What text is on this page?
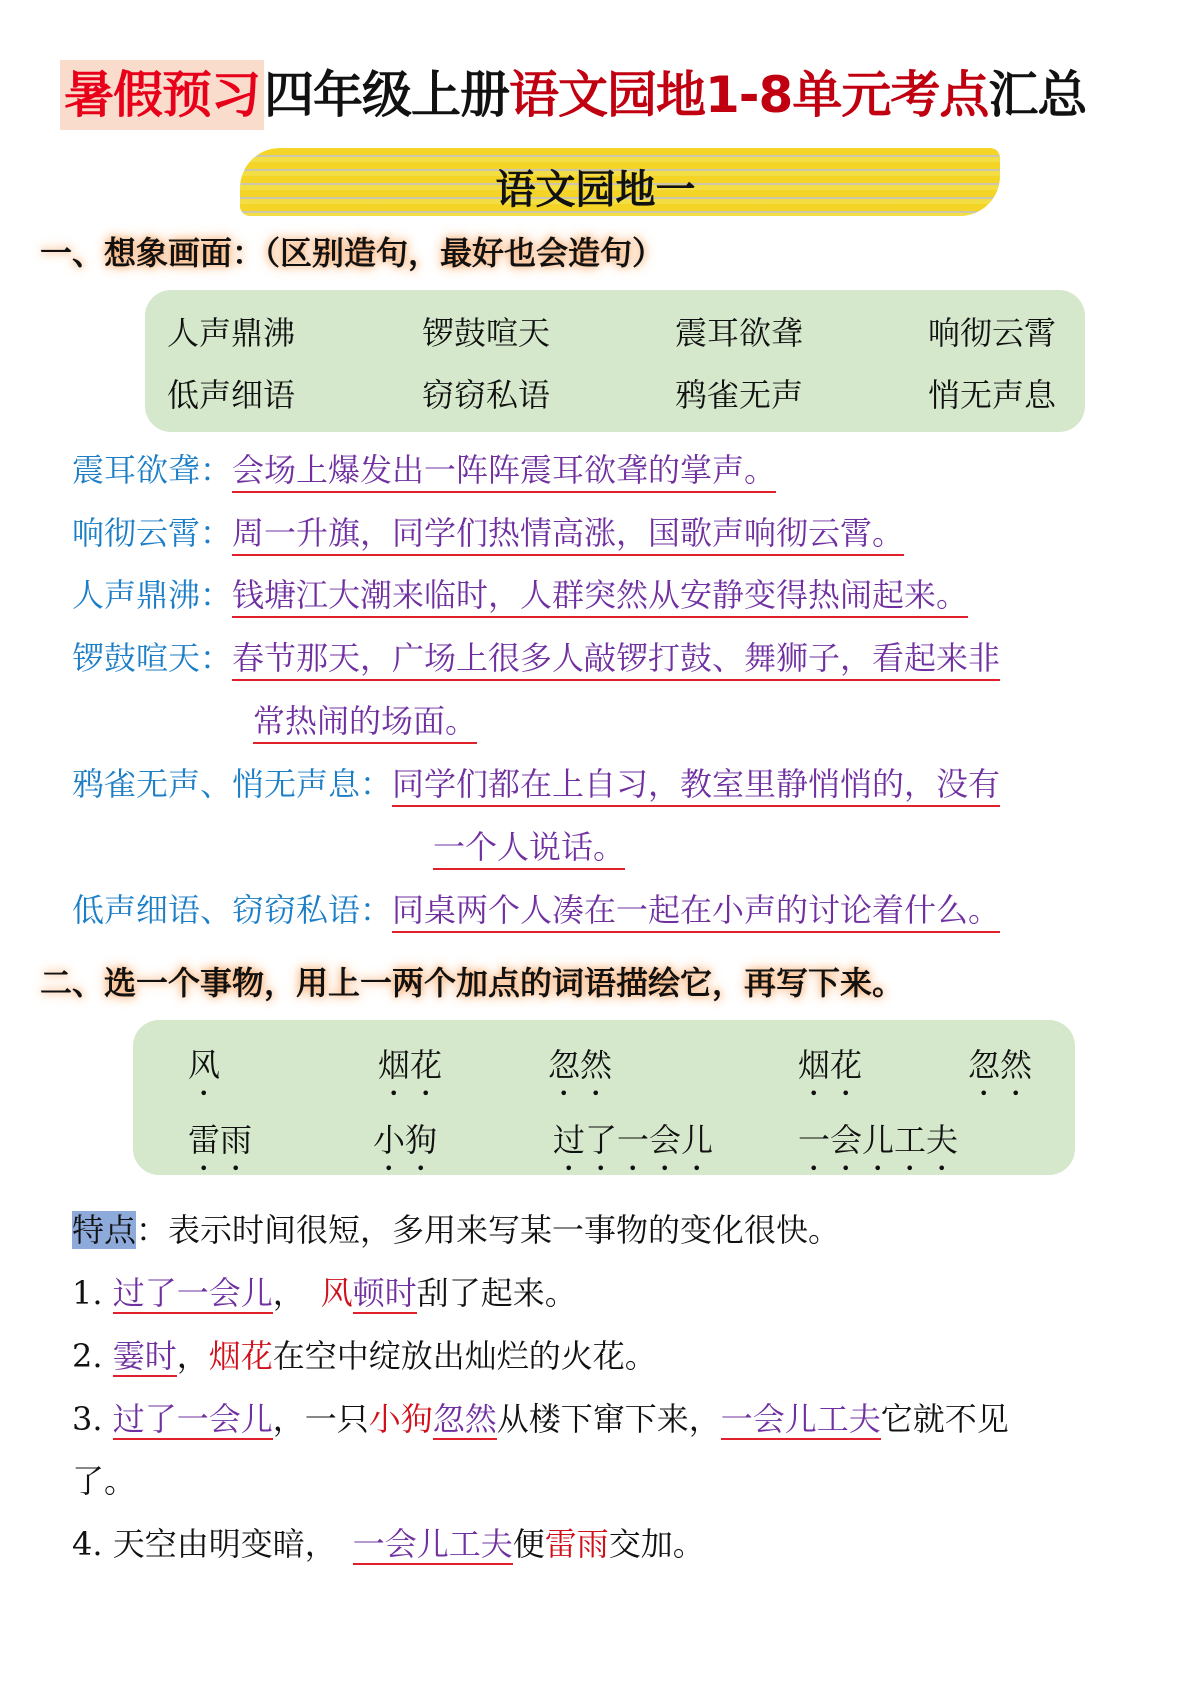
暑假预习四年级上册语文园地1-8单元考点汇总
语文园地一
一、想象画面：（区别造句，最好也会造句）
人声鼎沸	锣鼓喧天	震耳欲聋	响彻云霄
低声细语	窃窃私语	鸦雀无声	悄无声息
震耳欲聋：会场上爆发出一阵阵震耳欲聋的掌声。
响彻云霄：周一升旗，同学们热情高涨，国歌声响彻云霄。
人声鼎沸：钱塘江大潮来临时，人群突然从安静变得热闹起来。
锣鼓喧天：春节那天，广场上很多人敲锣打鼓、舞狮子，看起来非
常热闹的场面。
鸦雀无声、悄无声息：同学们都在上自习，教室里静悄悄的，没有
一个人说话。
低声细语、窃窃私语：同桌两个人凑在一起在小声的讨论着什么。
二、选一个事物，用上一两个加点的词语描绘它，再写下来。
风	烟花	忽然	烟花	忽然
雷雨	小狗	过了一会儿	一会儿工夫
特点：表示时间很短，多用来写某一事物的变化很快。
1. 过了一会儿，　风顿时刮了起来。
2. 霎时，烟花在空中绽放出灿烂的火花。
3. 过了一会儿，一只小狗忽然从楼下窜下来，一会儿工夫它就不见
了。
4. 天空由明变暗，　一会儿工夫便雷雨交加。
